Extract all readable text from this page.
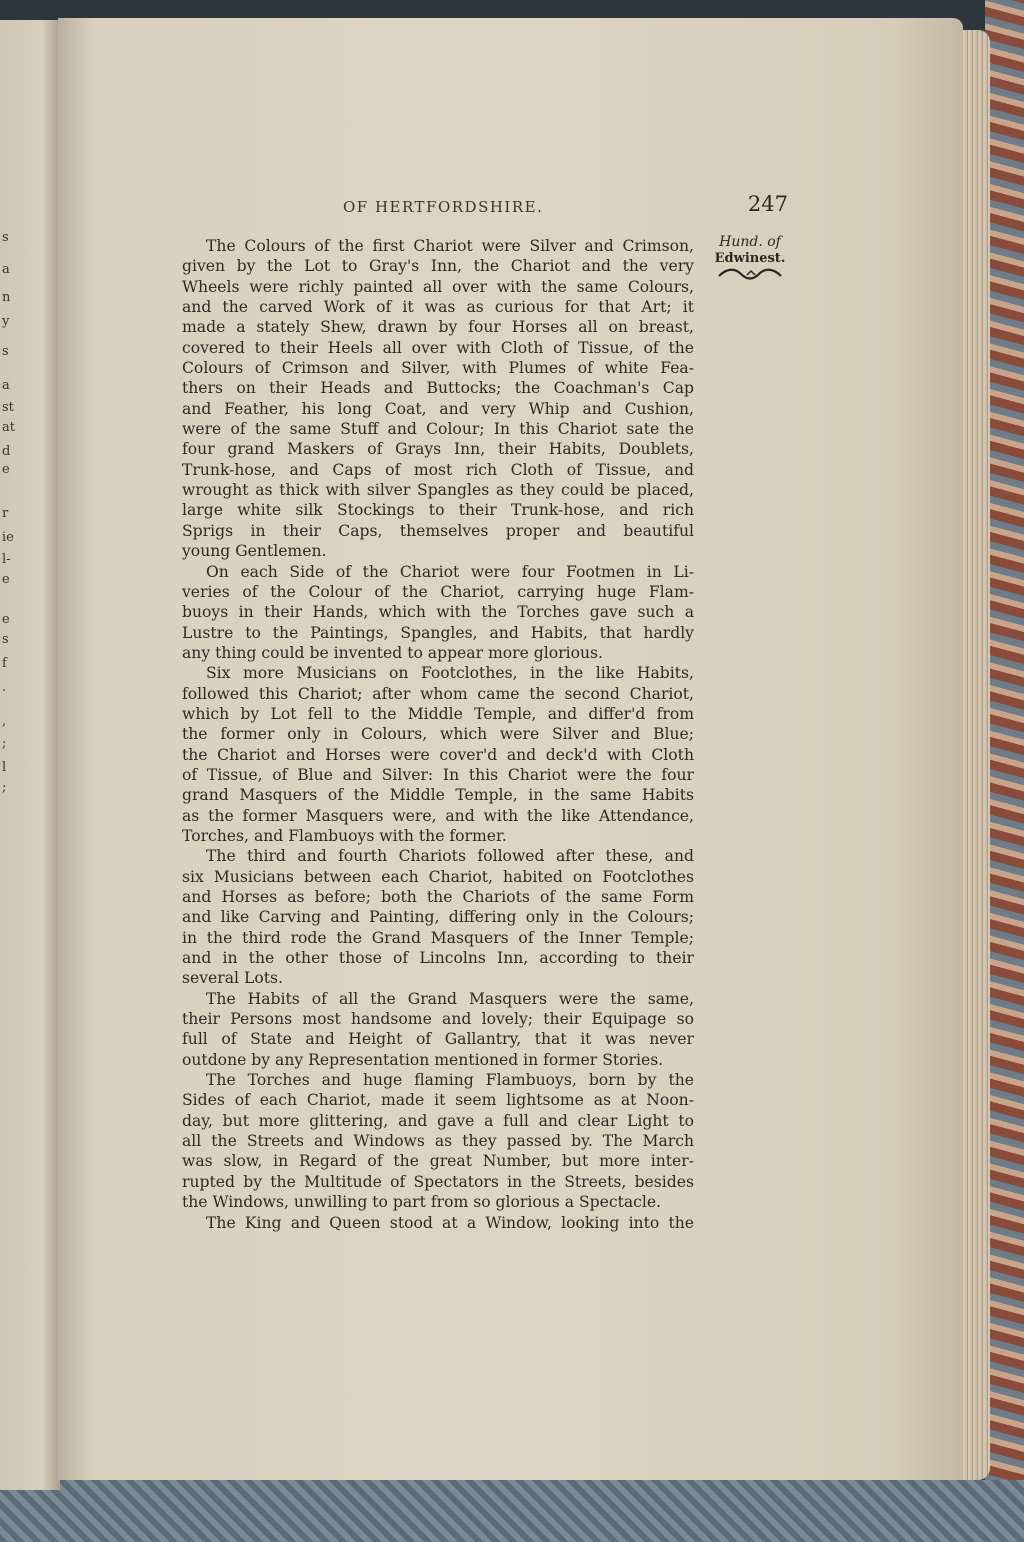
s
a
n
y
s
a
st
at
d
e
r
ie
l-
e
e
s
f
.
,
;
l
;
OF HERTFORDSHIRE.	247
Hund. of
Edwinest.
The Colours of the first Chariot were Silver and Crimson,
given by the Lot to Gray's Inn, the Chariot and the very
Wheels were richly painted all over with the same Colours,
and the carved Work of it was as curious for that Art; it
made a stately Shew, drawn by four Horses all on breast,
covered to their Heels all over with Cloth of Tissue, of the
Colours of Crimson and Silver, with Plumes of white Fea-
thers on their Heads and Buttocks; the Coachman's Cap
and Feather, his long Coat, and very Whip and Cushion,
were of the same Stuff and Colour; In this Chariot sate the
four grand Maskers of Grays Inn, their Habits, Doublets,
Trunk-hose, and Caps of most rich Cloth of Tissue, and
wrought as thick with silver Spangles as they could be placed,
large white silk Stockings to their Trunk-hose, and rich
Sprigs in their Caps, themselves proper and beautiful
young Gentlemen.
On each Side of the Chariot were four Footmen in Li-
veries of the Colour of the Chariot, carrying huge Flam-
buoys in their Hands, which with the Torches gave such a
Lustre to the Paintings, Spangles, and Habits, that hardly
any thing could be invented to appear more glorious.
Six more Musicians on Footclothes, in the like Habits,
followed this Chariot; after whom came the second Chariot,
which by Lot fell to the Middle Temple, and differ'd from
the former only in Colours, which were Silver and Blue;
the Chariot and Horses were cover'd and deck'd with Cloth
of Tissue, of Blue and Silver: In this Chariot were the four
grand Masquers of the Middle Temple, in the same Habits
as the former Masquers were, and with the like Attendance,
Torches, and Flambuoys with the former.
The third and fourth Chariots followed after these, and
six Musicians between each Chariot, habited on Footclothes
and Horses as before; both the Chariots of the same Form
and like Carving and Painting, differing only in the Colours;
in the third rode the Grand Masquers of the Inner Temple;
and in the other those of Lincolns Inn, according to their
several Lots.
The Habits of all the Grand Masquers were the same,
their Persons most handsome and lovely; their Equipage so
full of State and Height of Gallantry, that it was never
outdone by any Representation mentioned in former Stories.
The Torches and huge flaming Flambuoys, born by the
Sides of each Chariot, made it seem lightsome as at Noon-
day, but more glittering, and gave a full and clear Light to
all the Streets and Windows as they passed by. The March
was slow, in Regard of the great Number, but more inter-
rupted by the Multitude of Spectators in the Streets, besides
the Windows, unwilling to part from so glorious a Spectacle.
The King and Queen stood at a Window, looking into the
